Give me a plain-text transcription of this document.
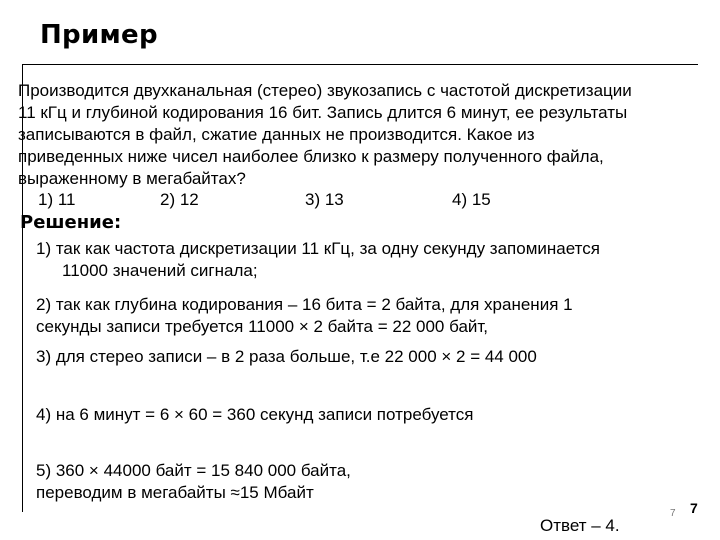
Пример
Производится двухканальная (стерео) звукозапись с частотой дискретизации
11 кГц и глубиной кодирования 16 бит. Запись длится 6 минут, ее результаты
записываются в файл, сжатие данных не производится. Какое из
приведенных ниже чисел наиболее близко к размеру полученного файла,
выраженному в мегабайтах?
1) 11	2) 12	3) 13	4) 15
Решение:
1) так как частота дискретизации 11 кГц, за одну секунду запоминается
11000 значений сигнала;
2) так как глубина кодирования – 16 бита = 2 байта, для хранения 1
секунды записи требуется 11000 × 2 байта = 22 000 байт,
3) для стерео записи – в 2 раза больше, т.е 22 000 × 2 = 44 000
4) на 6 минут = 6 × 60 = 360 секунд записи потребуется
5) 360 × 44000 байт = 15 840 000 байта,
переводим в мегабайты ≈15 Мбайт
Ответ – 4.
7 7
